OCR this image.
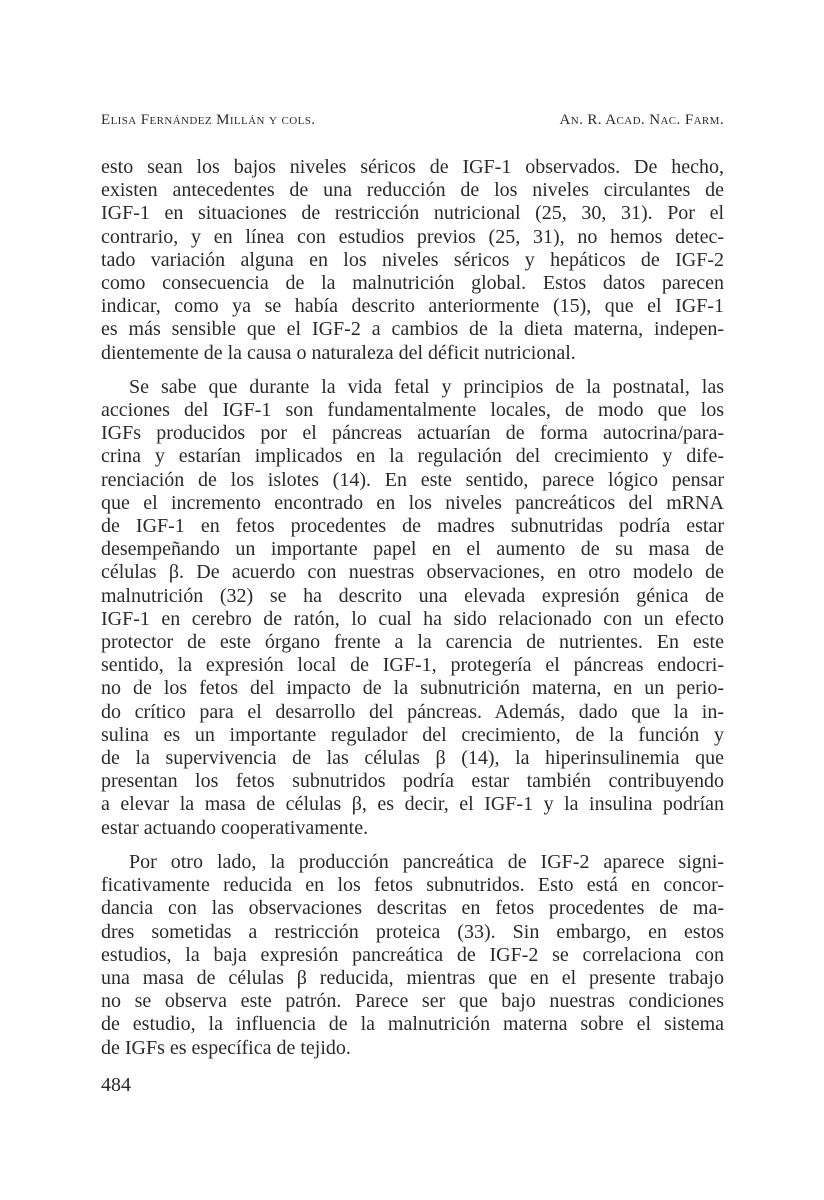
Elisa Fernández Millán y cols.	An. R. Acad. Nac. Farm.
esto sean los bajos niveles séricos de IGF-1 observados. De hecho,
existen antecedentes de una reducción de los niveles circulantes de
IGF-1 en situaciones de restricción nutricional (25, 30, 31). Por el
contrario, y en línea con estudios previos (25, 31), no hemos detec-
tado variación alguna en los niveles séricos y hepáticos de IGF-2
como consecuencia de la malnutrición global. Estos datos parecen
indicar, como ya se había descrito anteriormente (15), que el IGF-1
es más sensible que el IGF-2 a cambios de la dieta materna, indepen-
dientemente de la causa o naturaleza del déficit nutricional.
Se sabe que durante la vida fetal y principios de la postnatal, las
acciones del IGF-1 son fundamentalmente locales, de modo que los
IGFs producidos por el páncreas actuarían de forma autocrina/para-
crina y estarían implicados en la regulación del crecimiento y dife-
renciación de los islotes (14). En este sentido, parece lógico pensar
que el incremento encontrado en los niveles pancreáticos del mRNA
de IGF-1 en fetos procedentes de madres subnutridas podría estar
desempeñando un importante papel en el aumento de su masa de
células β. De acuerdo con nuestras observaciones, en otro modelo de
malnutrición (32) se ha descrito una elevada expresión génica de
IGF-1 en cerebro de ratón, lo cual ha sido relacionado con un efecto
protector de este órgano frente a la carencia de nutrientes. En este
sentido, la expresión local de IGF-1, protegería el páncreas endocri-
no de los fetos del impacto de la subnutrición materna, en un perio-
do crítico para el desarrollo del páncreas. Además, dado que la in-
sulina es un importante regulador del crecimiento, de la función y
de la supervivencia de las células β (14), la hiperinsulinemia que
presentan los fetos subnutridos podría estar también contribuyendo
a elevar la masa de células β, es decir, el IGF-1 y la insulina podrían
estar actuando cooperativamente.
Por otro lado, la producción pancreática de IGF-2 aparece signi-
ficativamente reducida en los fetos subnutridos. Esto está en concor-
dancia con las observaciones descritas en fetos procedentes de ma-
dres sometidas a restricción proteica (33). Sin embargo, en estos
estudios, la baja expresión pancreática de IGF-2 se correlaciona con
una masa de células β reducida, mientras que en el presente trabajo
no se observa este patrón. Parece ser que bajo nuestras condiciones
de estudio, la influencia de la malnutrición materna sobre el sistema
de IGFs es específica de tejido.
484
